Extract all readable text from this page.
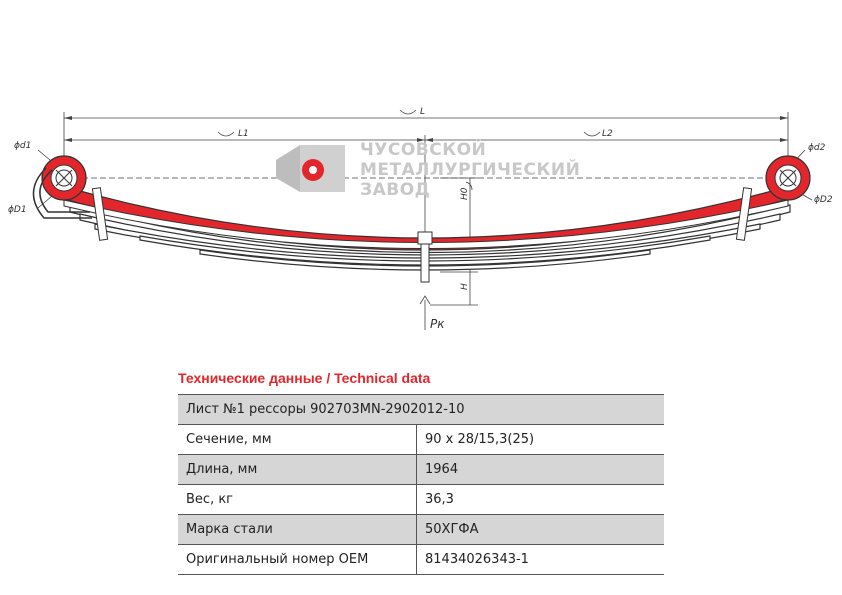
L
L1	L2
ϕd1
ϕD1
ϕd2
ϕD2
H0
H
Pк
ЧУСОВСКОЙ
МЕТАЛЛУРГИЧЕСКИЙ
ЗАВОД
Технические данные / Technical data
Лист №1 рессоры 902703MN-2902012-10	
Сечение, мм	90 х 28/15,3(25)
Длина, мм	1964
Вес, кг	36,3
Марка стали	50ХГФА
Оригинальный номер OEM	81434026343-1
